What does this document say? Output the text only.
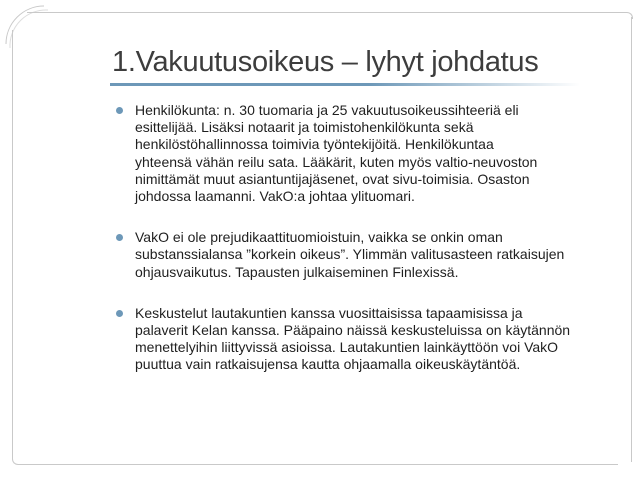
1.Vakuutusoikeus – lyhyt johdatus
Henkilökunta: n. 30 tuomaria ja 25 vakuutusoikeussihteeriä eli
esittelijää. Lisäksi notaarit ja toimistohenkilökunta sekä
henkilöstöhallinnossa toimivia työntekijöitä. Henkilökuntaa
yhteensä vähän reilu sata. Lääkärit, kuten myös valtio-neuvoston
nimittämät muut asiantuntijajäsenet, ovat sivu-toimisia. Osaston
johdossa laamanni. VakO:a johtaa ylituomari.
VakO ei ole prejudikaattituomioistuin, vaikka se onkin oman
substanssialansa ”korkein oikeus”. Ylimmän valitusasteen ratkaisujen
ohjausvaikutus. Tapausten julkaiseminen Finlexissä.
Keskustelut lautakuntien kanssa vuosittaisissa tapaamisissa ja
palaverit Kelan kanssa. Pääpaino näissä keskusteluissa on käytännön
menettelyihin liittyvissä asioissa. Lautakuntien lainkäyttöön voi VakO
puuttua vain ratkaisujensa kautta ohjaamalla oikeuskäytäntöä.
